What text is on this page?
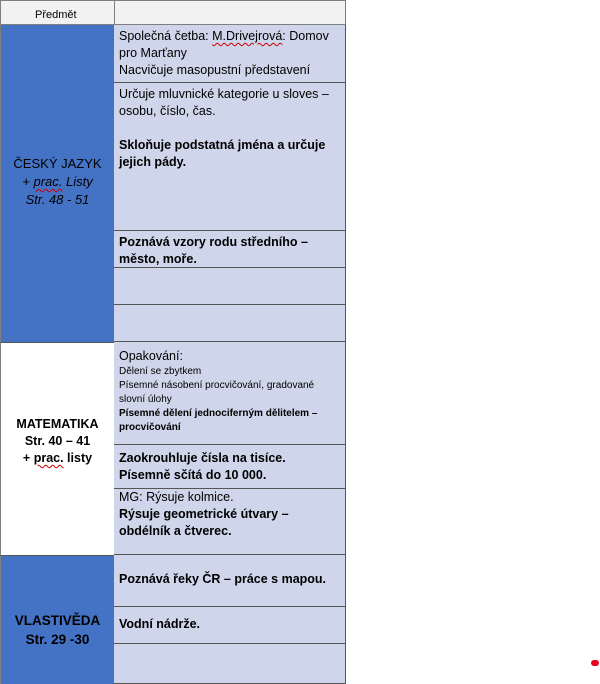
Předmět
ČESKÝ JAZYK
+ prac. Listy
Str. 48 - 51
Společná četba: M.Drivejrová: Domov pro Marťany
Nacvičuje masopustní představení
Určuje mluvnické kategorie u sloves – osobu, číslo, čas.
Skloňuje podstatná jména a určuje jejich pády.
Poznává vzory rodu středního – město, moře.
MATEMATIKA
Str. 40 – 41
+ prac. listy
Opakování:
Dělení se zbytkem
Písemné násobení procvičování, gradované slovní úlohy
Písemné dělení jednociferným dělitelem – procvičování
Zaokrouhluje čísla na tisíce.
Písemně sčítá do 10 000.
MG: Rýsuje kolmice.
Rýsuje geometrické útvary – obdélník a čtverec.
VLASTIVĚDA
Str. 29 -30
Poznává řeky ČR – práce s mapou.
Vodní nádrže.
